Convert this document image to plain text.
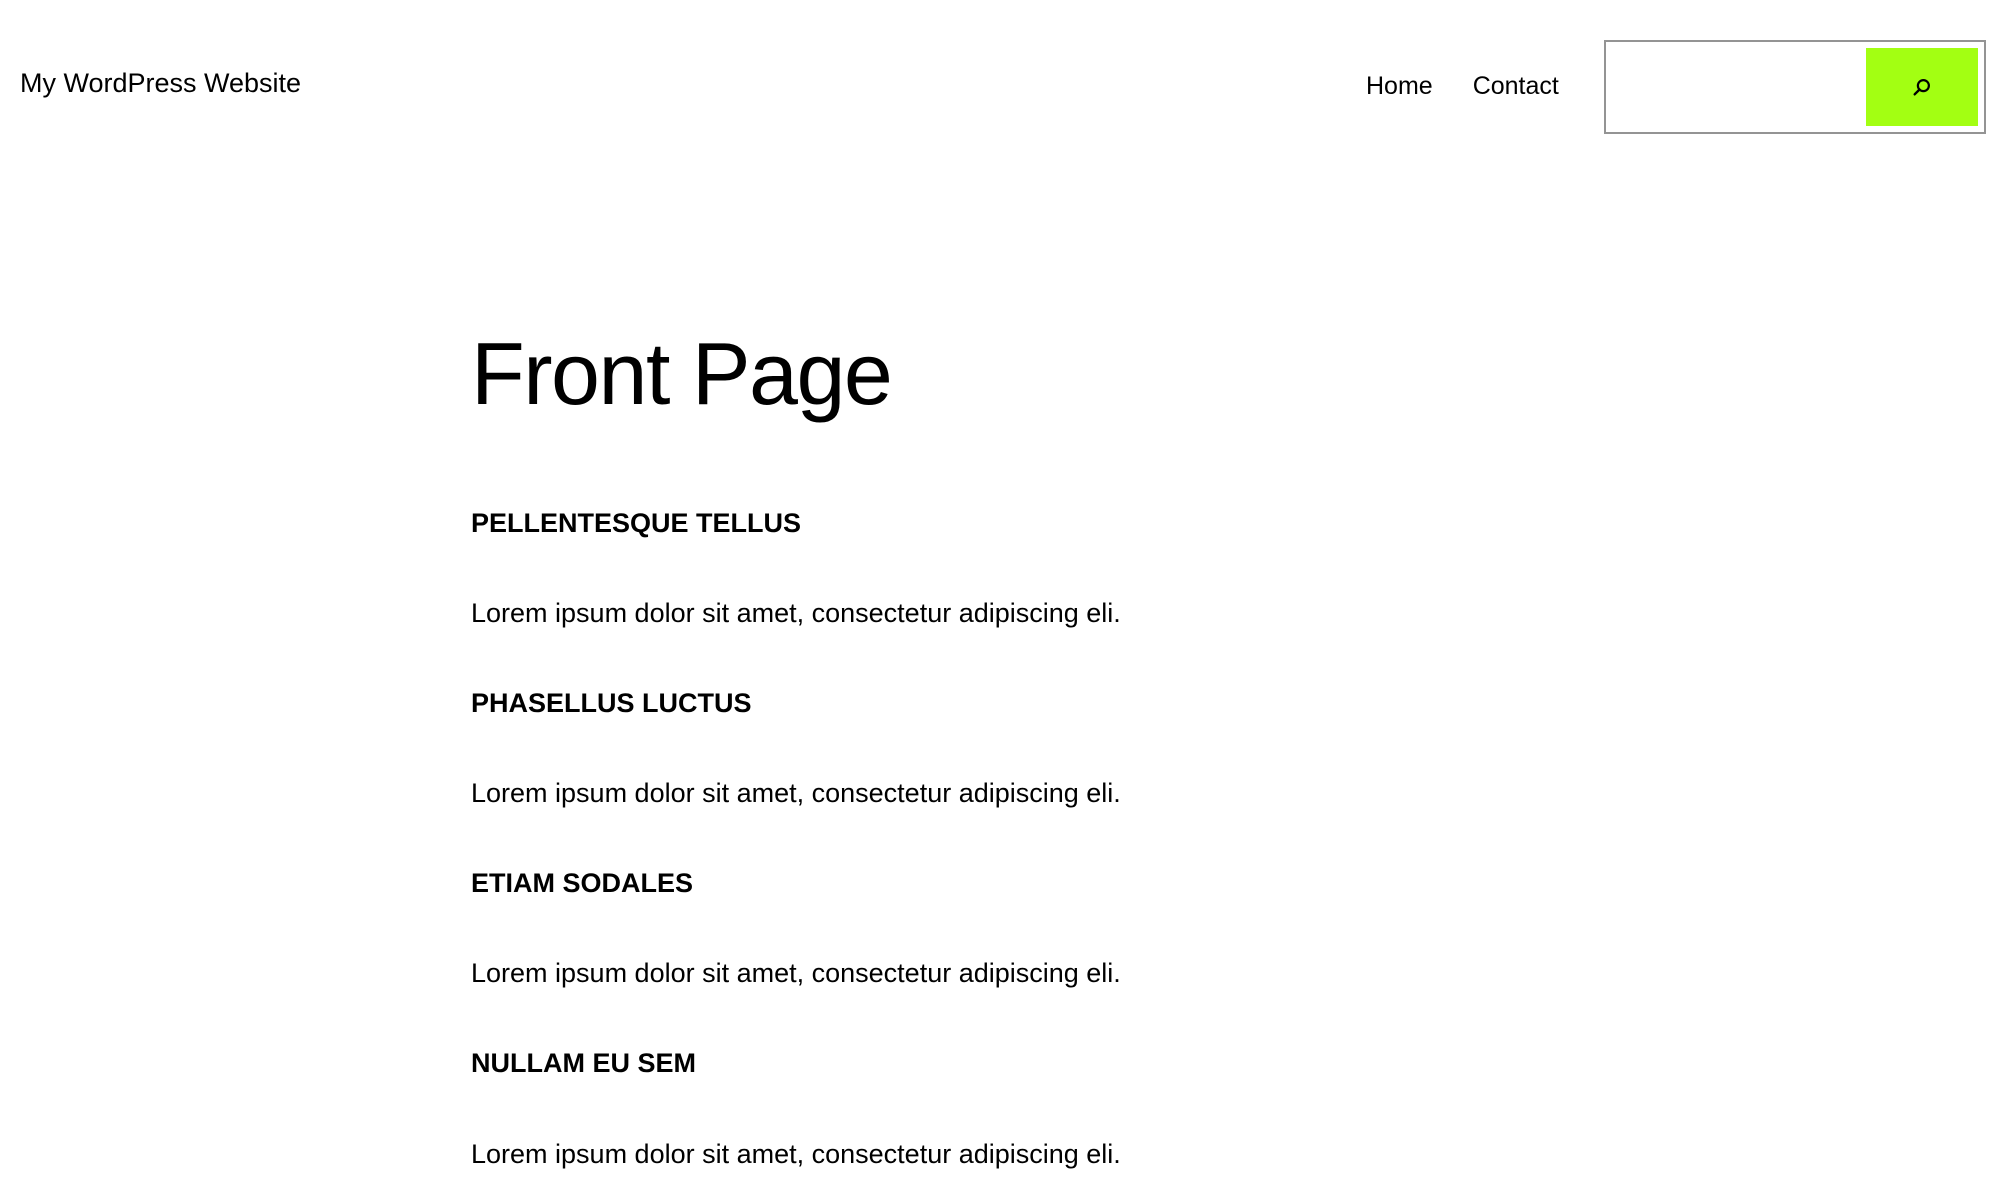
My WordPress Website	Home Contact
Front Page
PELLENTESQUE TELLUS

Lorem ipsum dolor sit amet, consectetur adipiscing eli.

PHASELLUS LUCTUS

Lorem ipsum dolor sit amet, consectetur adipiscing eli.

ETIAM SODALES

Lorem ipsum dolor sit amet, consectetur adipiscing eli.

NULLAM EU SEM

Lorem ipsum dolor sit amet, consectetur adipiscing eli.
